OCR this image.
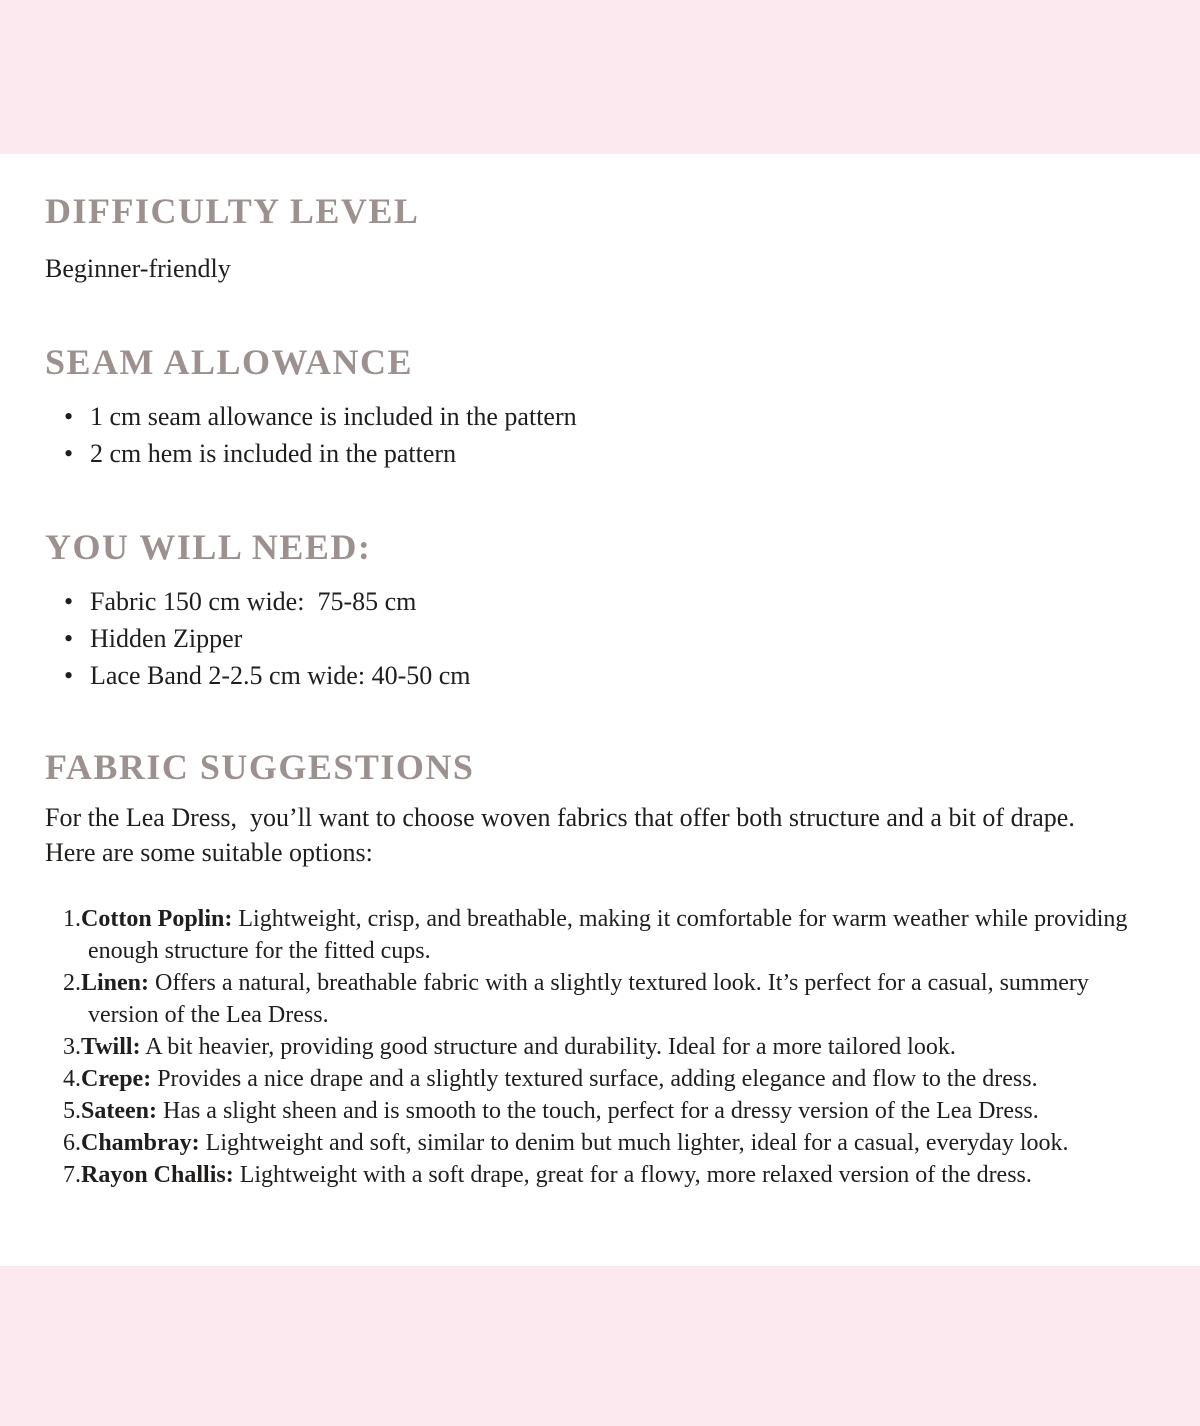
DIFFICULTY LEVEL

Beginner-friendly

SEAM ALLOWANCE
• 1 cm seam allowance is included in the pattern
• 2 cm hem is included in the pattern
YOU WILL NEED:
• Fabric 150 cm wide:  75-85 cm
• Hidden Zipper
• Lace Band 2-2.5 cm wide: 40-50 cm
FABRIC SUGGESTIONS

For the Lea Dress,  you’ll want to choose woven fabrics that offer both structure and a bit of drape. Here are some suitable options:

1.Cotton Poplin: Lightweight, crisp, and breathable, making it comfortable for warm weather while providing enough structure for the fitted cups.
2.Linen: Offers a natural, breathable fabric with a slightly textured look. It’s perfect for a casual, summery version of the Lea Dress.
3.Twill: A bit heavier, providing good structure and durability. Ideal for a more tailored look.
4.Crepe: Provides a nice drape and a slightly textured surface, adding elegance and flow to the dress.
5.Sateen: Has a slight sheen and is smooth to the touch, perfect for a dressy version of the Lea Dress.
6.Chambray: Lightweight and soft, similar to denim but much lighter, ideal for a casual, everyday look.
7.Rayon Challis: Lightweight with a soft drape, great for a flowy, more relaxed version of the dress.
